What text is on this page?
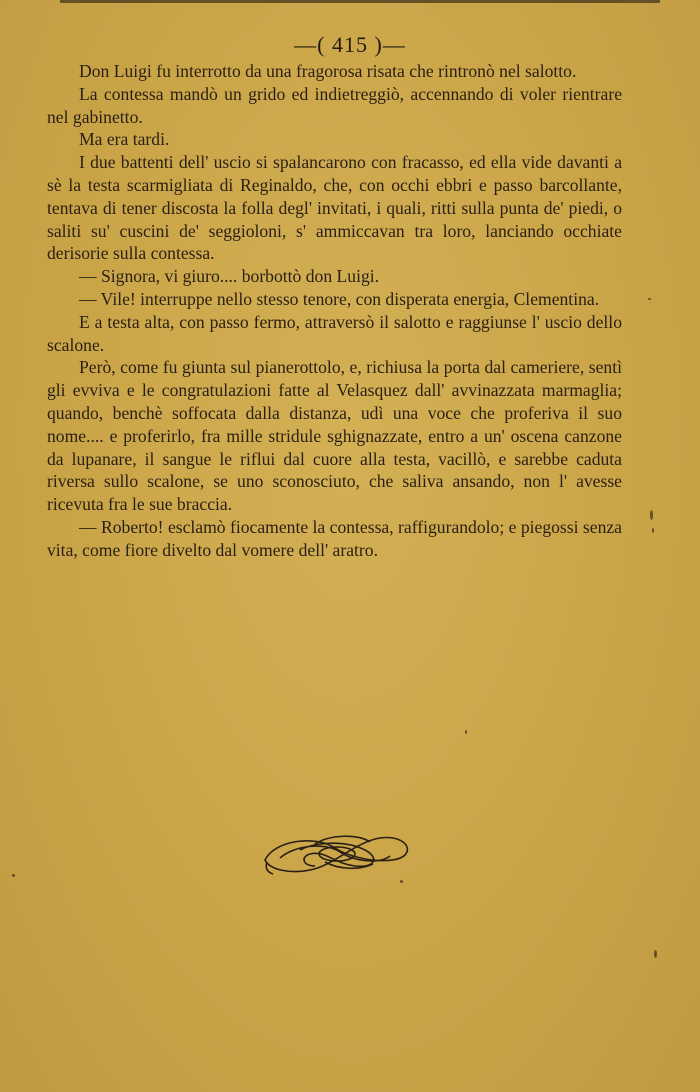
—( 415 )—

Don Luigi fu interrotto da una fragorosa risata che rintronò nel salotto.

La contessa mandò un grido ed indietreggiò, accennando di voler rientrare nel gabinetto.

Ma era tardi.

I due battenti dell' uscio si spalancarono con fracasso, ed ella vide davanti a sè la testa scarmigliata di Reginaldo, che, con occhi ebbri e passo barcollante, tentava di tener discosta la folla degl' invitati, i quali, ritti sulla punta de' piedi, o saliti su' cuscini de' seggioloni, s' ammiccavan tra loro, lanciando occhiate derisorie sulla contessa.

— Signora, vi giuro.... borbottò don Luigi.

— Vile! interruppe nello stesso tenore, con disperata energia, Clementina.

E a testa alta, con passo fermo, attraversò il salotto e raggiunse l' uscio dello scalone.

Però, come fu giunta sul pianerottolo, e, richiusa la porta dal cameriere, sentì gli evviva e le congratulazioni fatte al Velasquez dall' avvinazzata marmaglia; quando, benchè soffocata dalla distanza, udì una voce che proferiva il suo nome.... e proferirlo, fra mille stridule sghignazzate, entro a un' oscena canzone da lupanare, il sangue le riflui dal cuore alla testa, vacillò, e sarebbe caduta riversa sullo scalone, se uno sconosciuto, che saliva ansando, non l' avesse ricevuta fra le sue braccia.

— Roberto! esclamò fiocamente la contessa, raffigurandolo; e piegossi senza vita, come fiore divelto dal vomere dell' aratro.
